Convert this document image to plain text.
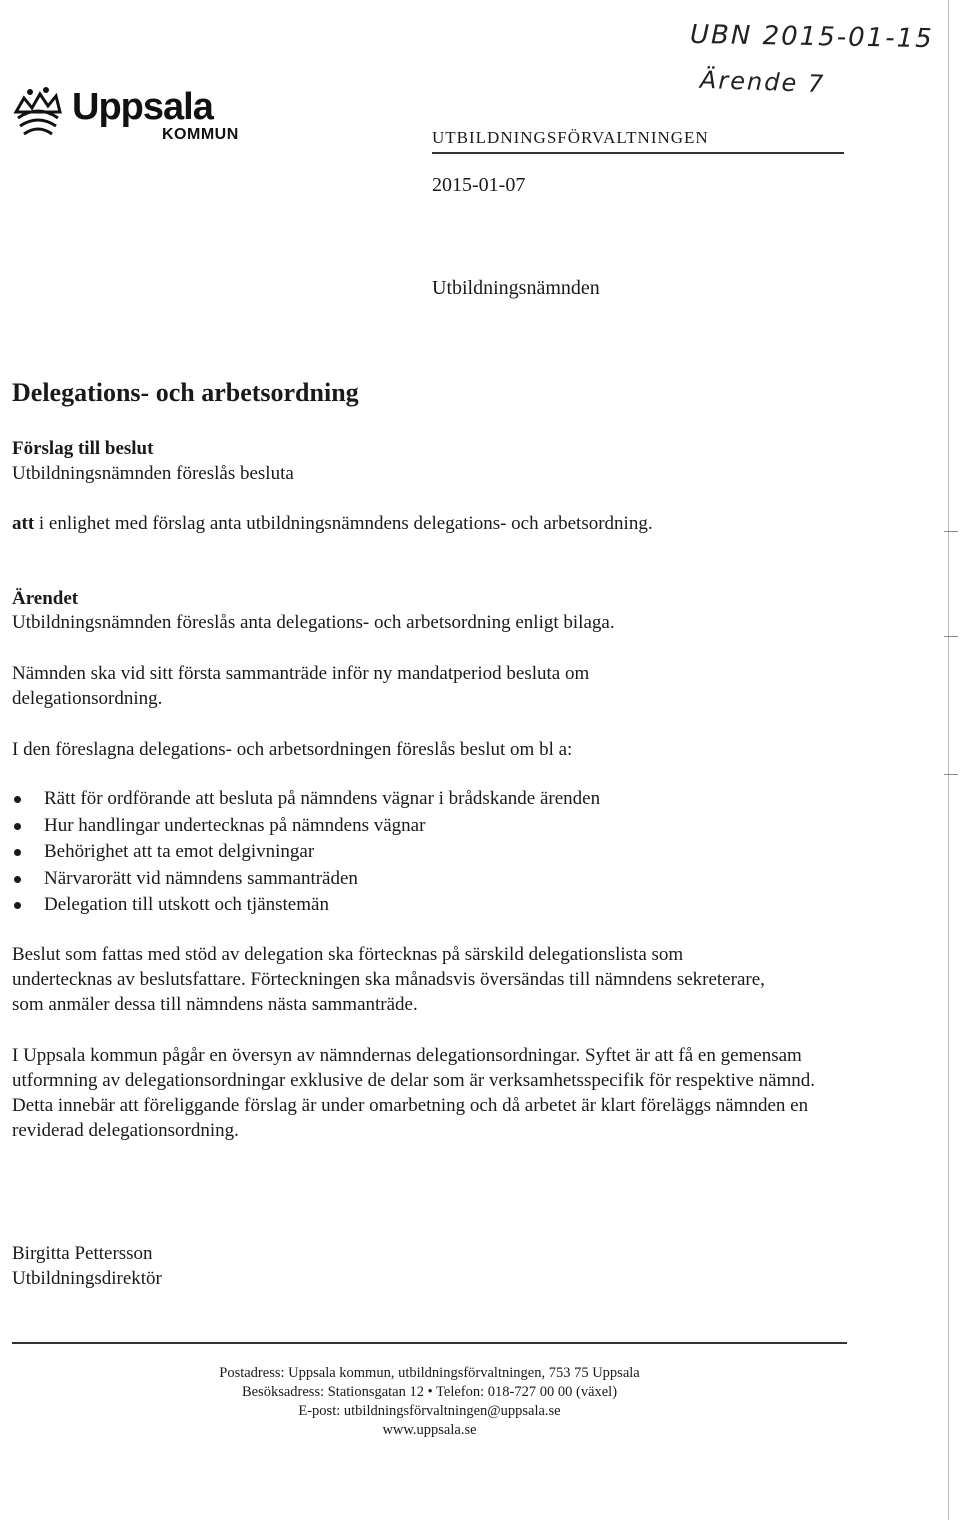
UBN 2015-01-15
Ärende 7
Uppsala
KOMMUN	UTBILDNINGSFÖRVALTNINGEN
2015-01-07
Utbildningsnämnden
Delegations- och arbetsordning
Förslag till beslut
Utbildningsnämnden föreslås besluta
att i enlighet med förslag anta utbildningsnämndens delegations- och arbetsordning.
Ärendet
Utbildningsnämnden föreslås anta delegations- och arbetsordning enligt bilaga.
Nämnden ska vid sitt första sammanträde inför ny mandatperiod besluta om delegationsordning.
I den föreslagna delegations- och arbetsordningen föreslås beslut om bl a:
Rätt för ordförande att besluta på nämndens vägnar i brådskande ärenden
Hur handlingar undertecknas på nämndens vägnar
Behörighet att ta emot delgivningar
Närvarorätt vid nämndens sammanträden
Delegation till utskott och tjänstemän
Beslut som fattas med stöd av delegation ska förtecknas på särskild delegationslista som undertecknas av beslutsfattare. Förteckningen ska månadsvis översändas till nämndens sekreterare, som anmäler dessa till nämndens nästa sammanträde.
I Uppsala kommun pågår en översyn av nämndernas delegationsordningar. Syftet är att få en gemensam utformning av delegationsordningar exklusive de delar som är verksamhetsspecifik för respektive nämnd. Detta innebär att föreliggande förslag är under omarbetning och då arbetet är klart föreläggs nämnden en reviderad delegationsordning.
Birgitta Pettersson
Utbildningsdirektör
Postadress: Uppsala kommun, utbildningsförvaltningen, 753 75 Uppsala
Besöksadress: Stationsgatan 12 • Telefon: 018-727 00 00 (växel)
E-post: utbildningsförvaltningen@uppsala.se
www.uppsala.se
